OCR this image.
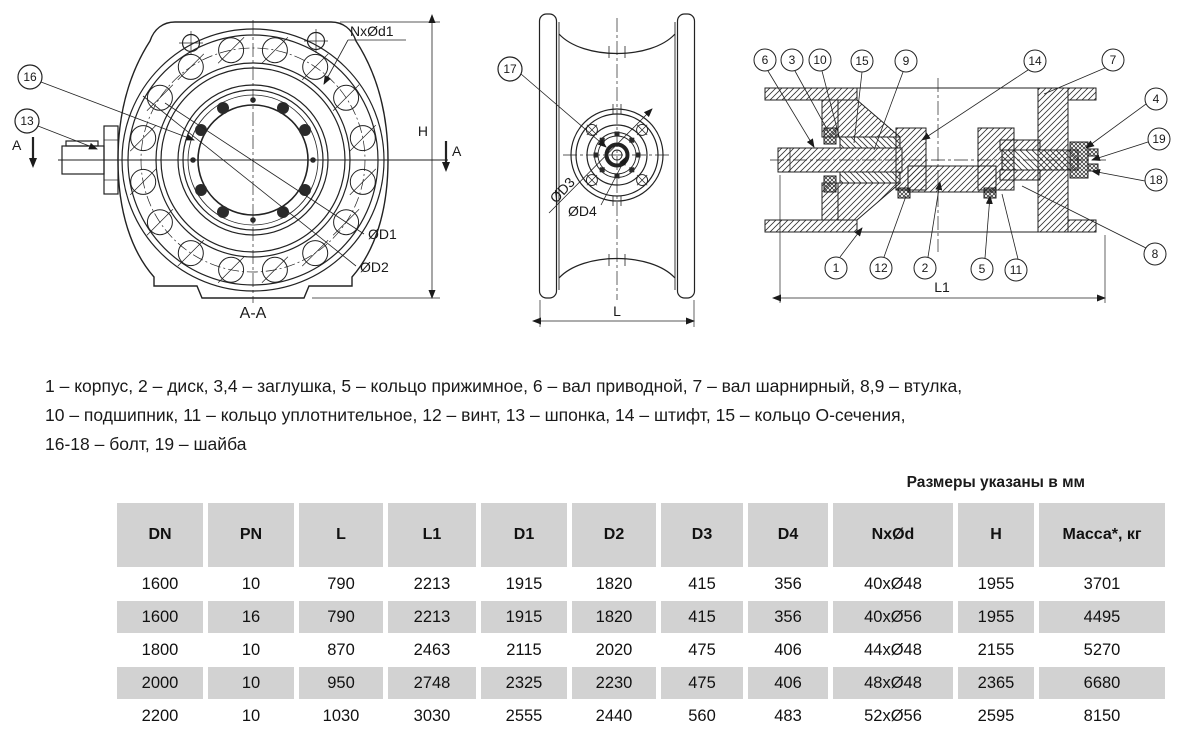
16
13
A	A
H
NxØd1
ØD1
ØD2
A-A
17
ØD3
ØD4
L
6 3 10 15	9	14	7
4
19
18
8
1	12	2	5 11
L1
1 – корпус, 2 – диск, 3,4 – заглушка, 5 – кольцо прижимное, 6 – вал приводной, 7 – вал шарнирный, 8,9 – втулка,
10 – подшипник, 11 – кольцо уплотнительное, 12 – винт, 13 – шпонка, 14 – штифт, 15 – кольцо О-сечения,
16-18 – болт, 19 – шайба
Размеры указаны в мм
DN	PN	L	L1	D1	D2	D3	D4	NxØd	H	Масса*, кг
1600	10	790	2213	1915	1820	415	356	40xØ48	1955	3701
1600	16	790	2213	1915	1820	415	356	40xØ56	1955	4495
1800	10	870	2463	2115	2020	475	406	44xØ48	2155	5270
2000	10	950	2748	2325	2230	475	406	48xØ48	2365	6680
2200	10	1030	3030	2555	2440	560	483	52xØ56	2595	8150
